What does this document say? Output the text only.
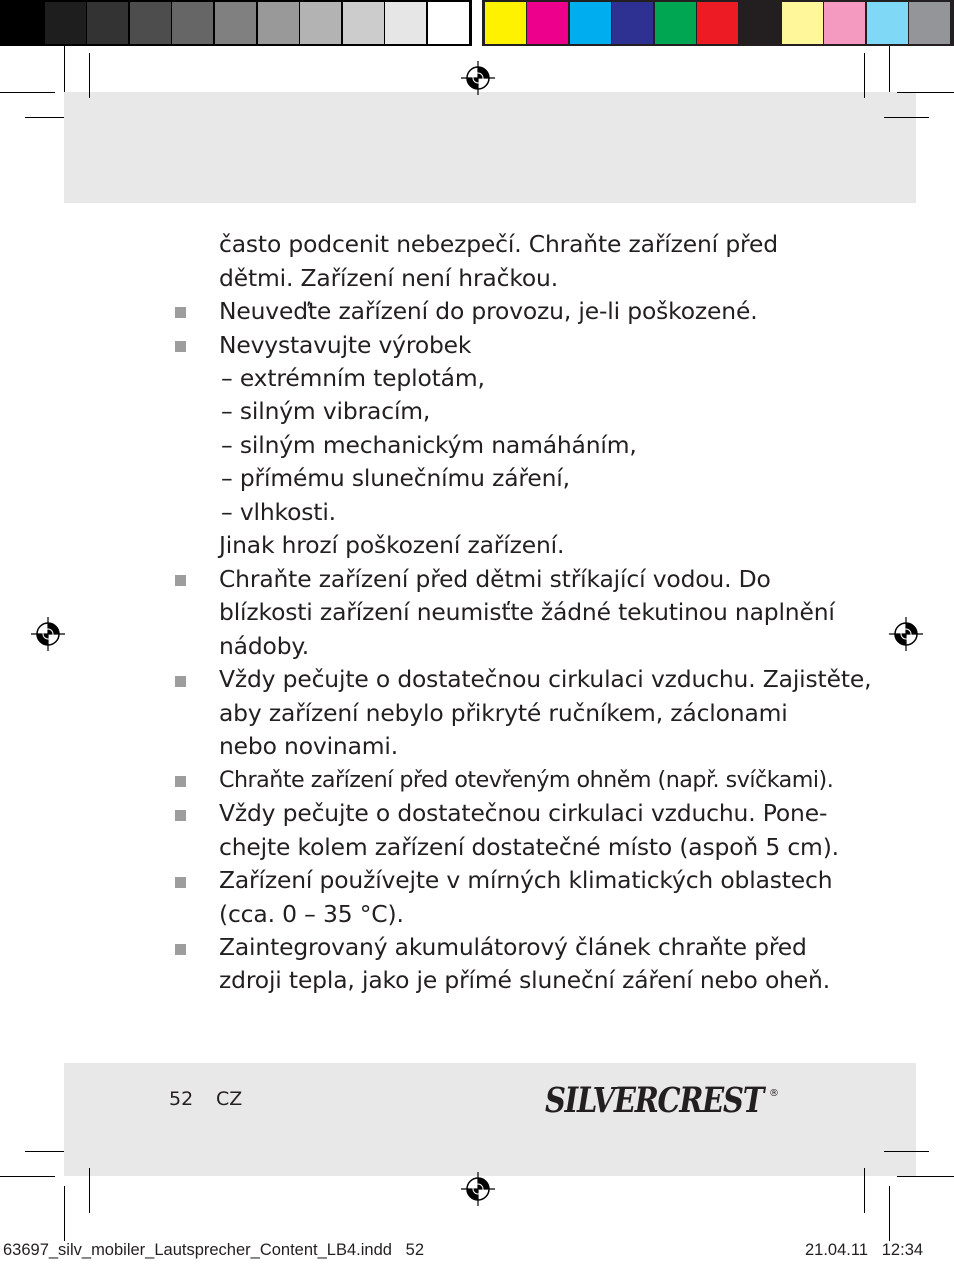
často podcenit nebezpečí. Chraňte zařízení před
dětmi. Zařízení není hračkou.
Neuveďte zařízení do provozu, je-li poškozené.
Nevystavujte výrobek
– extrémním teplotám,
– silným vibracím,
– silným mechanickým namáháním,
– přímému slunečnímu záření,
– vlhkosti.
Jinak hrozí poškození zařízení.
Chraňte zařízení před dětmi stříkající vodou. Do
blízkosti zařízení neumisťte žádné tekutinou naplnění
nádoby.
Vždy pečujte o dostatečnou cirkulaci vzduchu. Zajistěte,
aby zařízení nebylo přikryté ručníkem, záclonami
nebo novinami.
Chraňte zařízení před otevřeným ohněm (např. svíčkami).
Vždy pečujte o dostatečnou cirkulaci vzduchu. Pone-
chejte kolem zařízení dostatečné místo (aspoň 5 cm).
Zařízení používejte v mírných klimatických oblastech
(cca. 0 – 35 °C).
Zaintegrovaný akumulátorový článek chraňte před
zdroji tepla, jako je přímé sluneční záření nebo oheň.
52 CZ	SILVERCREST ®
63697_silv_mobiler_Lautsprecher_Content_LB4.indd   52	21.04.11   12:34
